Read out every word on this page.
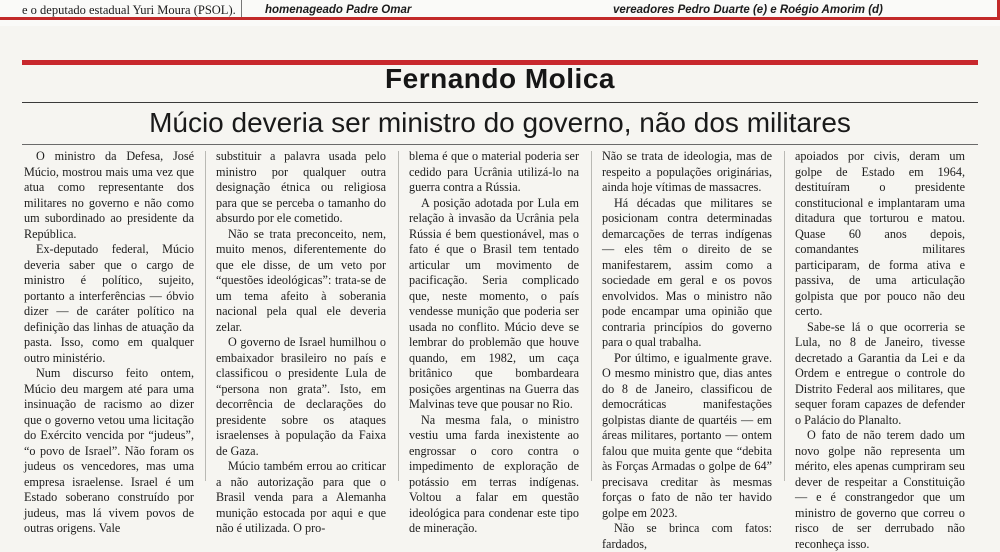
e o deputado estadual Yuri Moura (PSOL).	homenageado Padre Omar	vereadores Pedro Duarte (e) e Roégio Amorim (d)
Fernando Molica
Múcio deveria ser ministro do governo, não dos militares

O ministro da Defesa, José Múcio, mostrou mais uma vez que atua como representante dos militares no governo e não como um subordinado ao presidente da República.

Ex-deputado federal, Múcio deveria saber que o cargo de ministro é político, sujeito, portanto a interferências — óbvio dizer — de caráter político na definição das linhas de atuação da pasta. Isso, como em qualquer outro ministério.

Num discurso feito ontem, Múcio deu margem até para uma insinuação de racismo ao dizer que o governo vetou uma licitação do Exército vencida por “judeus”, “o povo de Israel”. Não foram os judeus os vencedores, mas uma empresa israelense. Israel é um Estado soberano construído por judeus, mas lá vivem povos de outras origens. Vale

substituir a palavra usada pelo ministro por qualquer outra designação étnica ou religiosa para que se perceba o tamanho do absurdo por ele cometido.

Não se trata preconceito, nem, muito menos, diferentemente do que ele disse, de um veto por “questões ideológicas”: trata-se de um tema afeito à soberania nacional pela qual ele deveria zelar.

O governo de Israel humilhou o embaixador brasileiro no país e classificou o presidente Lula de “persona non grata”. Isto, em decorrência de declarações do presidente sobre os ataques israelenses à população da Faixa de Gaza.

Múcio também errou ao criticar a não autorização para que o Brasil venda para a Alemanha munição estocada por aqui e que não é utilizada. O pro-

blema é que o material poderia ser cedido para Ucrânia utilizá-lo na guerra contra a Rússia.

A posição adotada por Lula em relação à invasão da Ucrânia pela Rússia é bem questionável, mas o fato é que o Brasil tem tentado articular um movimento de pacificação. Seria complicado que, neste momento, o país vendesse munição que poderia ser usada no conflito. Múcio deve se lembrar do problemão que houve quando, em 1982, um caça britânico que bombardeara posições argentinas na Guerra das Malvinas teve que pousar no Rio.

Na mesma fala, o ministro vestiu uma farda inexistente ao engrossar o coro contra o impedimento de exploração de potássio em terras indígenas. Voltou a falar em questão ideológica para condenar este tipo de mineração.

Não se trata de ideologia, mas de respeito a populações originárias, ainda hoje vítimas de massacres.

Há décadas que militares se posicionam contra determinadas demarcações de terras indígenas — eles têm o direito de se manifestarem, assim como a sociedade em geral e os povos envolvidos. Mas o ministro não pode encampar uma opinião que contraria princípios do governo para o qual trabalha.

Por último, e igualmente grave. O mesmo ministro que, dias antes do 8 de Janeiro, classificou de democráticas manifestações golpistas diante de quartéis — em áreas militares, portanto — ontem falou que muita gente que “debita às Forças Armadas o golpe de 64” precisava creditar às mesmas forças o fato de não ter havido golpe em 2023.

Não se brinca com fatos: fardados,

apoiados por civis, deram um golpe de Estado em 1964, destituíram o presidente constitucional e implantaram uma ditadura que torturou e matou. Quase 60 anos depois, comandantes militares participaram, de forma ativa e passiva, de uma articulação golpista que por pouco não deu certo.

Sabe-se lá o que ocorreria se Lula, no 8 de Janeiro, tivesse decretado a Garantia da Lei e da Ordem e entregue o controle do Distrito Federal aos militares, que sequer foram capazes de defender o Palácio do Planalto.

O fato de não terem dado um novo golpe não representa um mérito, eles apenas cumpriram seu dever de respeitar a Constituição — e é constrangedor que um ministro de governo que correu o risco de ser derrubado não reconheça isso.
